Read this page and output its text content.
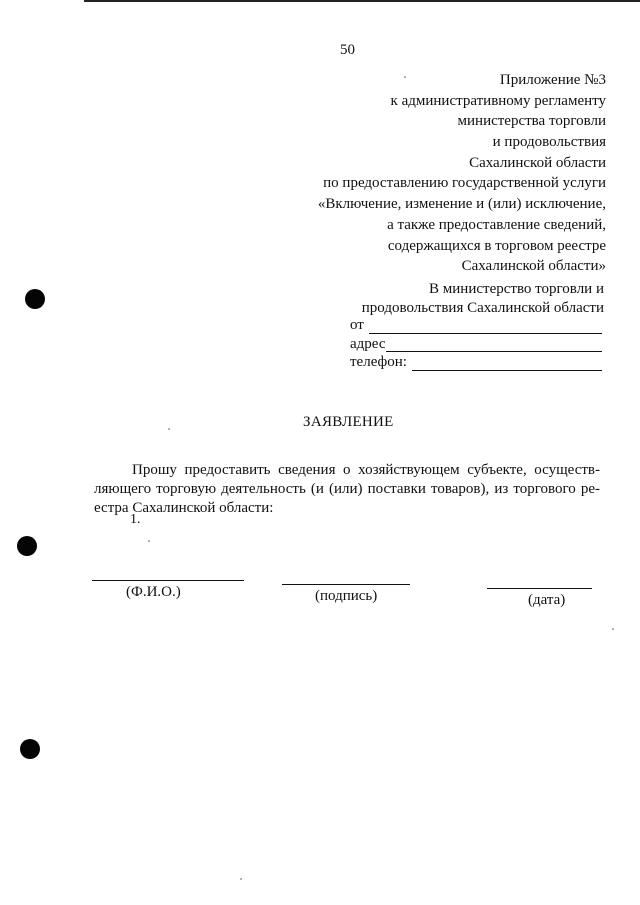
50
Приложение №3
к административному регламенту
министерства торговли
и продовольствия
Сахалинской области
по предоставлению государственной услуги
«Включение, изменение и (или) исключение,
а также предоставление сведений,
содержащихся в торговом реестре
Сахалинской области»
В министерство торговли и
продовольствия Сахалинской области
от
адрес
телефон:
ЗАЯВЛЕНИЕ
Прошу предоставить сведения о хозяйствующем субъекте, осуществ-
ляющего торговую деятельность (и (или) поставки товаров), из торгового ре-
естра Сахалинской области:
1.
(Ф.И.О.)	(подпись)	(дата)
